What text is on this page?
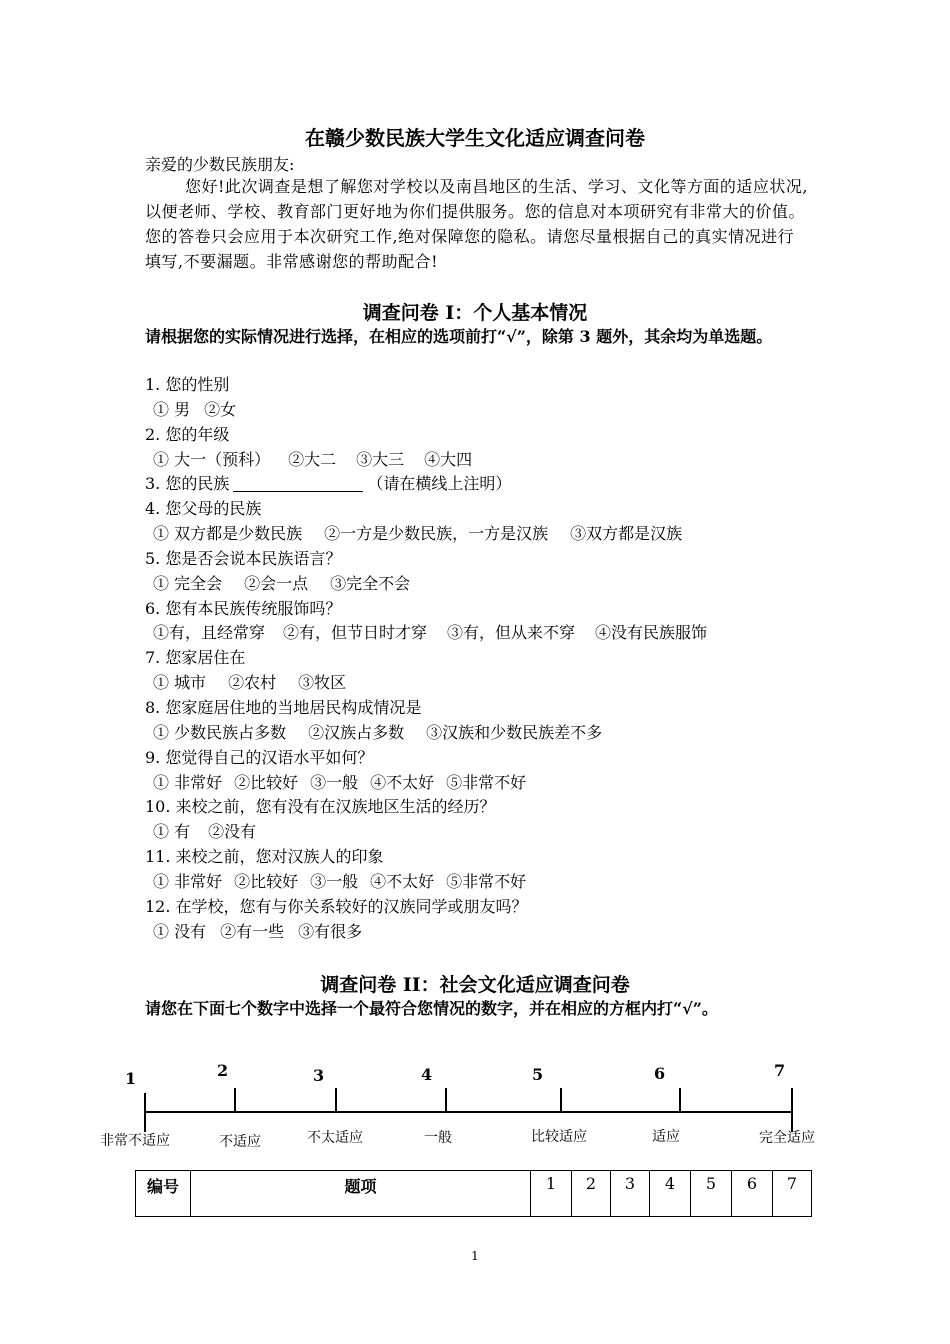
在赣少数民族大学生文化适应调查问卷
亲爱的少数民族朋友:
您好!此次调查是想了解您对学校以及南昌地区的生活、学习、文化等方面的适应状况,以便老师、学校、教育部门更好地为你们提供服务。您的信息对本项研究有非常大的价值。您的答卷只会应用于本次研究工作,绝对保障您的隐私。请您尽量根据自己的真实情况进行填写,不要漏题。非常感谢您的帮助配合!
调查问卷 I：个人基本情况
请根据您的实际情况进行选择，在相应的选项前打“√”，除第 3 题外，其余均为单选题。
1. 您的性别
① 男 ②女
2. 您的年级
① 大一（预科） ②大二 ③大三 ④大四
3. 您的民族	（请在横线上注明）
4. 您父母的民族
① 双方都是少数民族 ②一方是少数民族，一方是汉族 ③双方都是汉族
5. 您是否会说本民族语言？
① 完全会 ②会一点 ③完全不会
6. 您有本民族传统服饰吗？
①有，且经常穿 ②有，但节日时才穿 ③有，但从来不穿 ④没有民族服饰
7. 您家居住在
① 城市 ②农村 ③牧区
8. 您家庭居住地的当地居民构成情况是
① 少数民族占多数 ②汉族占多数 ③汉族和少数民族差不多
9. 您觉得自己的汉语水平如何？
① 非常好 ②比较好 ③一般 ④不太好 ⑤非常不好
10. 来校之前，您有没有在汉族地区生活的经历？
① 有 ②没有
11. 来校之前，您对汉族人的印象
① 非常好 ②比较好 ③一般 ④不太好 ⑤非常不好
12. 在学校，您有与你关系较好的汉族同学或朋友吗？
① 没有 ②有一些 ③有很多
调查问卷 II：社会文化适应调查问卷
请您在下面七个数字中选择一个最符合您情况的数字，并在相应的方框内打“√”。
1	2	3	4	5	6	7
非常不适应	不适应	不太适应	一般	比较适应	适应	完全适应
编号	题项	1	2	3	4	5	6	7
1
